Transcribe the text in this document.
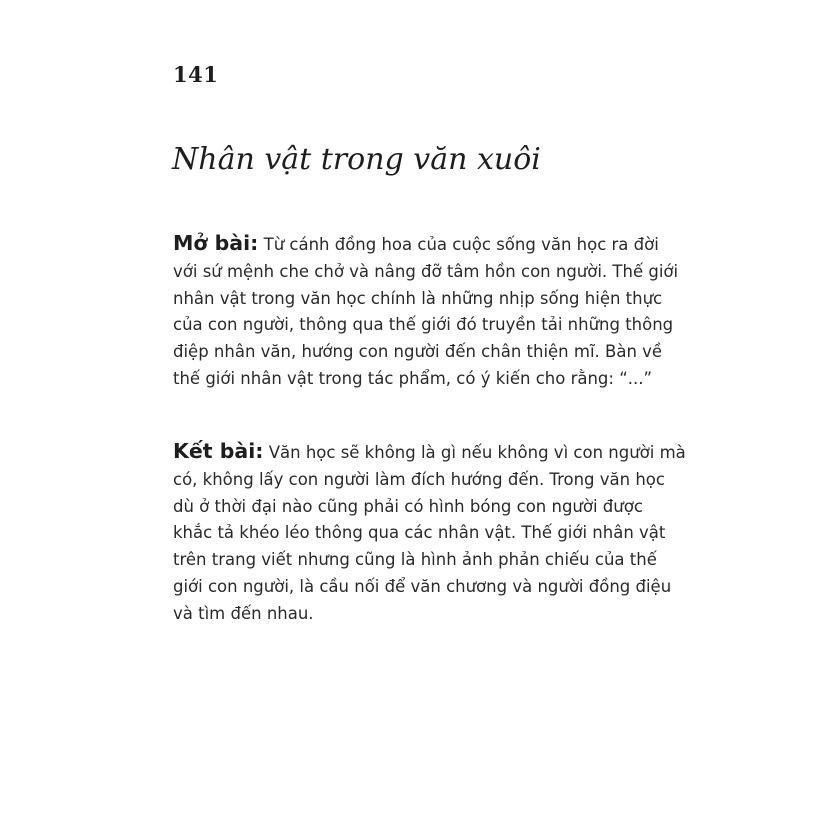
141
Nhân vật trong văn xuôi
Mở bài: Từ cánh đồng hoa của cuộc sống văn học ra đời
với sứ mệnh che chở và nâng đỡ tâm hồn con người. Thế giới
nhân vật trong văn học chính là những nhịp sống hiện thực
của con người, thông qua thế giới đó truyền tải những thông
điệp nhân văn, hướng con người đến chân thiện mĩ. Bàn về
thế giới nhân vật trong tác phẩm, có ý kiến cho rằng: “...”
Kết bài: Văn học sẽ không là gì nếu không vì con người mà
có, không lấy con người làm đích hướng đến. Trong văn học
dù ở thời đại nào cũng phải có hình bóng con người được
khắc tả khéo léo thông qua các nhân vật. Thế giới nhân vật
trên trang viết nhưng cũng là hình ảnh phản chiếu của thế
giới con người, là cầu nối để văn chương và người đồng điệu
và tìm đến nhau.
